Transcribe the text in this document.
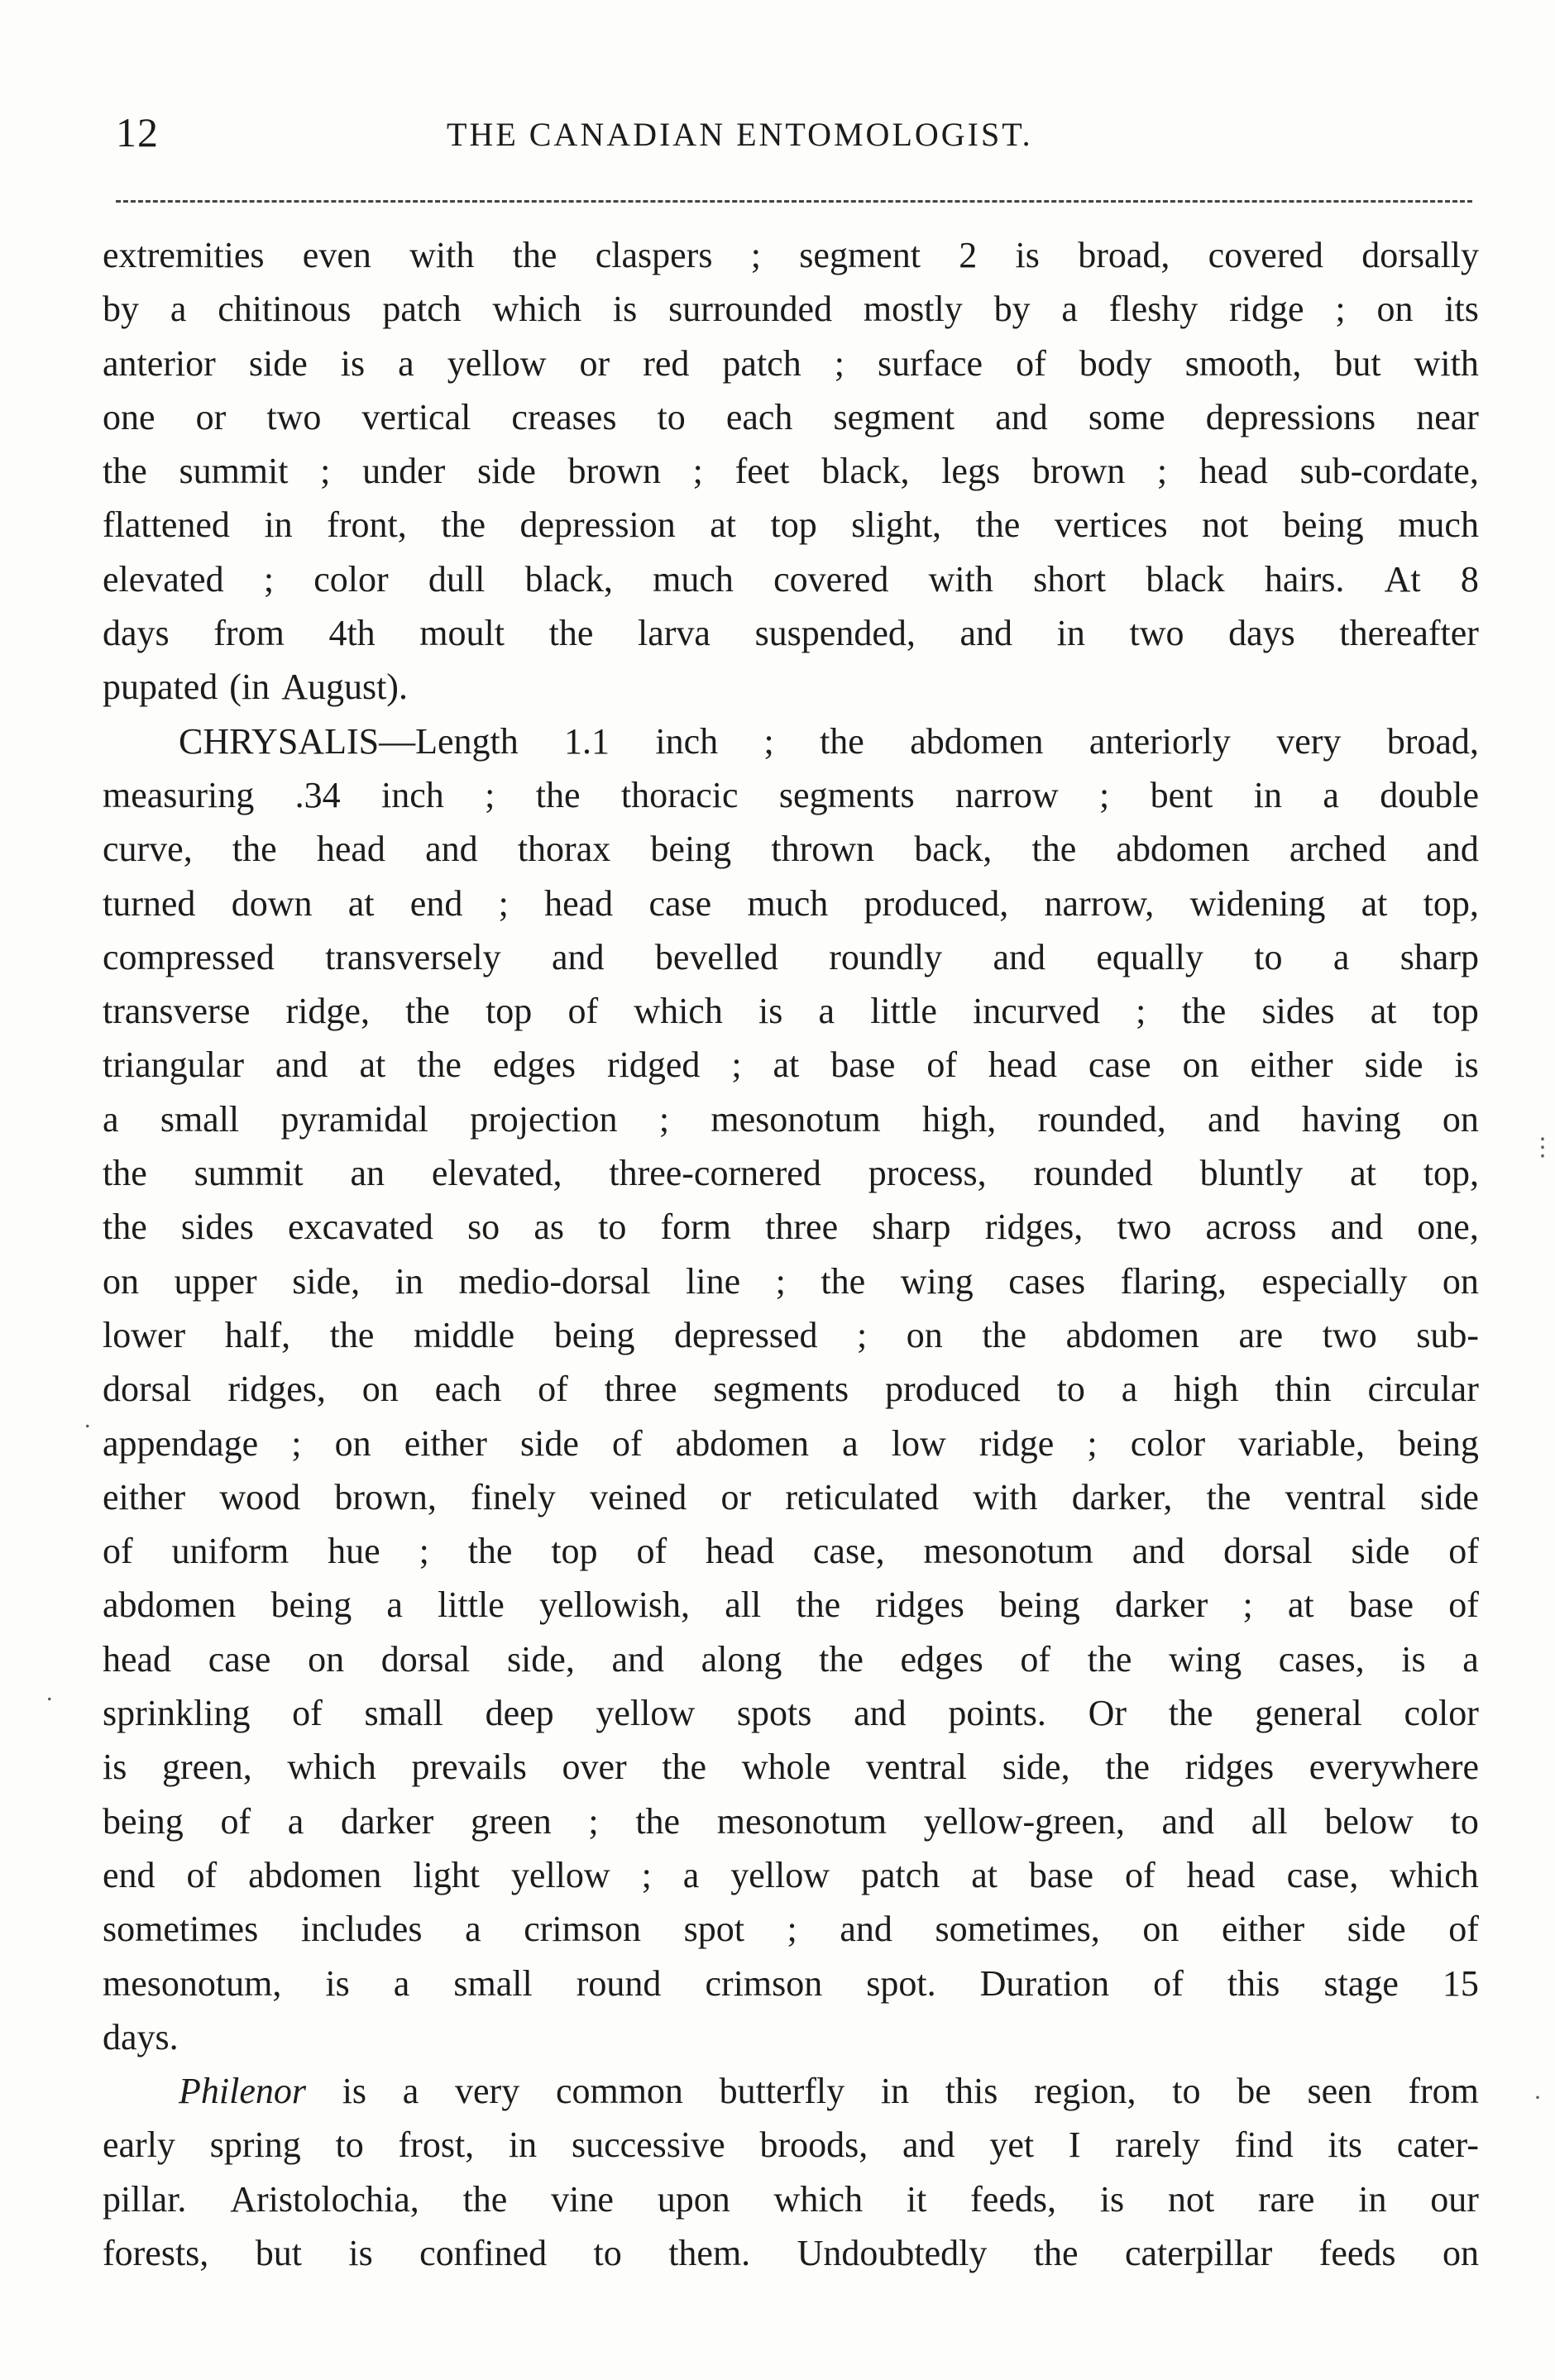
12	THE CANADIAN ENTOMOLOGIST.
extremities even with the claspers ; segment 2 is broad, covered dorsally
by a chitinous patch which is surrounded mostly by a fleshy ridge ; on its
anterior side is a yellow or red patch ; surface of body smooth, but with
one or two vertical creases to each segment and some depressions near
the summit ; under side brown ; feet black, legs brown ; head sub-cordate,
flattened in front, the depression at top slight, the vertices not being much
elevated ; color dull black, much covered with short black hairs. At 8
days from 4th moult the larva suspended, and in two days thereafter
pupated (in August).
CHRYSALIS—Length 1.1 inch ; the abdomen anteriorly very broad,
measuring .34 inch ; the thoracic segments narrow ; bent in a double
curve, the head and thorax being thrown back, the abdomen arched and
turned down at end ; head case much produced, narrow, widening at top,
compressed transversely and bevelled roundly and equally to a sharp
transverse ridge, the top of which is a little incurved ; the sides at top
triangular and at the edges ridged ; at base of head case on either side is
a small pyramidal projection ; mesonotum high, rounded, and having on
the summit an elevated, three-cornered process, rounded bluntly at top,
the sides excavated so as to form three sharp ridges, two across and one,
on upper side, in medio-dorsal line ; the wing cases flaring, especially on
lower half, the middle being depressed ; on the abdomen are two sub-
dorsal ridges, on each of three segments produced to a high thin circular
appendage ; on either side of abdomen a low ridge ; color variable, being
either wood brown, finely veined or reticulated with darker, the ventral side
of uniform hue ; the top of head case, mesonotum and dorsal side of
abdomen being a little yellowish, all the ridges being darker ; at base of
head case on dorsal side, and along the edges of the wing cases, is a
sprinkling of small deep yellow spots and points. Or the general color
is green, which prevails over the whole ventral side, the ridges everywhere
being of a darker green ; the mesonotum yellow-green, and all below to
end of abdomen light yellow ; a yellow patch at base of head case, which
sometimes includes a crimson spot ; and sometimes, on either side of
mesonotum, is a small round crimson spot. Duration of this stage 15
days.
Philenor is a very common butterfly in this region, to be seen from
early spring to frost, in successive broods, and yet I rarely find its cater-
pillar. Aristolochia, the vine upon which it feeds, is not rare in our
forests, but is confined to them. Undoubtedly the caterpillar feeds on
⋮
.
.
·
